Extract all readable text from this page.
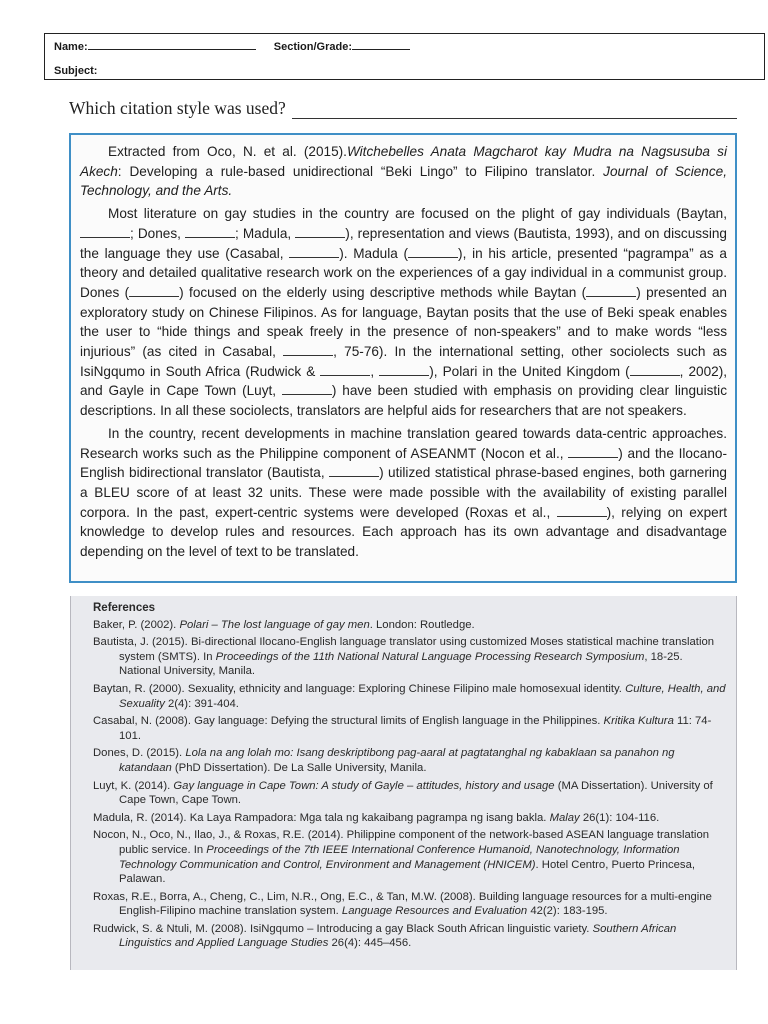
Name:	Section/Grade:
Subject:
Which citation style was used?

Extracted from Oco, N. et al. (2015).Witchebelles Anata Magcharot kay Mudra na Nagsusuba si Akech: Developing a rule-based unidirectional “Beki Lingo” to Filipino translator. Journal of Science, Technology, and the Arts.

Most literature on gay studies in the country are focused on the plight of gay individuals (Baytan, ; Dones,	; Madula,	), representation and views (Bautista, 1993), and on discussing the language they use (Casabal,	). Madula (	), in his article, presented “pagrampa” as a theory and detailed qualitative research work on the experiences of a gay individual in a communist group. Dones (	) focused on the elderly using descriptive methods while Baytan (	) presented an exploratory study on Chinese Filipinos. As for language, Baytan posits that the use of Beki speak enables the user to “hide things and speak freely in the presence of non-speakers” and to make words “less injurious” (as cited in Casabal,	, 75-76). In the international setting, other sociolects such as IsiNgqumo in South Africa (Rudwick &	,	), Polari in the United Kingdom (	, 2002), and Gayle in Cape Town (Luyt,	) have been studied with emphasis on providing clear linguistic descriptions. In all these sociolects, translators are helpful aids for researchers that are not speakers.

In the country, recent developments in machine translation geared towards data-centric approaches. Research works such as the Philippine component of ASEANMT (Nocon et al.,	) and the Ilocano-English bidirectional translator (Bautista,	) utilized statistical phrase-based engines, both garnering a BLEU score of at least 32 units. These were made possible with the availability of existing parallel corpora. In the past, expert-centric systems were developed (Roxas et al.,	), relying on expert knowledge to develop rules and resources. Each approach has its own advantage and disadvantage depending on the level of text to be translated.

References
Baker, P. (2002). Polari – The lost language of gay men. London: Routledge.
Bautista, J. (2015). Bi-directional Ilocano-English language translator using customized Moses statistical machine translation system (SMTS). In Proceedings of the 11th National Natural Language Processing Research Symposium, 18-25. National University, Manila.
Baytan, R. (2000). Sexuality, ethnicity and language: Exploring Chinese Filipino male homosexual identity. Culture, Health, and Sexuality 2(4): 391-404.
Casabal, N. (2008). Gay language: Defying the structural limits of English language in the Philippines. Kritika Kultura 11: 74-101.
Dones, D. (2015). Lola na ang lolah mo: Isang deskriptibong pag-aaral at pagtatanghal ng kabaklaan sa panahon ng katandaan (PhD Dissertation). De La Salle University, Manila.
Luyt, K. (2014). Gay language in Cape Town: A study of Gayle – attitudes, history and usage (MA Dissertation). University of Cape Town, Cape Town.
Madula, R. (2014). Ka Laya Rampadora: Mga tala ng kakaibang pagrampa ng isang bakla. Malay 26(1): 104-116.
Nocon, N., Oco, N., Ilao, J., & Roxas, R.E. (2014). Philippine component of the network-based ASEAN language translation public service. In Proceedings of the 7th IEEE International Conference Humanoid, Nanotechnology, Information Technology Communication and Control, Environment and Management (HNICEM). Hotel Centro, Puerto Princesa, Palawan.
Roxas, R.E., Borra, A., Cheng, C., Lim, N.R., Ong, E.C., & Tan, M.W. (2008). Building language resources for a multi-engine English-Filipino machine translation system. Language Resources and Evaluation 42(2): 183-195.
Rudwick, S. & Ntuli, M. (2008). IsiNgqumo – Introducing a gay Black South African linguistic variety. Southern African Linguistics and Applied Language Studies 26(4): 445–456.
